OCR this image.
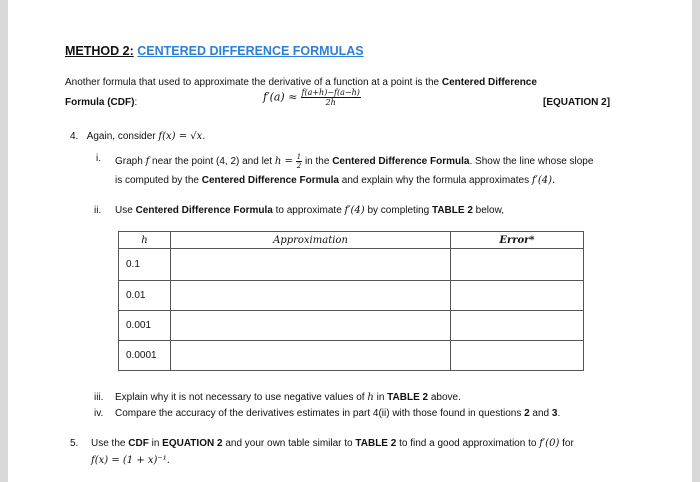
METHOD 2: CENTERED DIFFERENCE FORMULAS
Another formula that used to approximate the derivative of a function at a point is the Centered Difference
Formula (CDF):	$f'(a) \approx \frac{f(a+h)-f(a-h)}{2h}$	[EQUATION 2]
4. Again, consider f(x) = √x.
i. Graph f near the point (4, 2) and let $h = \frac{1}{2}$ in the Centered Difference Formula. Show the line whose slope
is computed by the Centered Difference Formula and explain why the formula approximates f′(4).
ii. Use Centered Difference Formula to approximate f′(4) by completing TABLE 2 below,
h	Approximation	Error*
0.1		
0.01		
0.001		
0.0001		
iii. Explain why it is not necessary to use negative values of h in TABLE 2 above.
iv. Compare the accuracy of the derivatives estimates in part 4(ii) with those found in questions 2 and 3.
5. Use the CDF in EQUATION 2 and your own table similar to TABLE 2 to find a good approximation to f′(0) for
f(x) = (1 + x)⁻¹.
